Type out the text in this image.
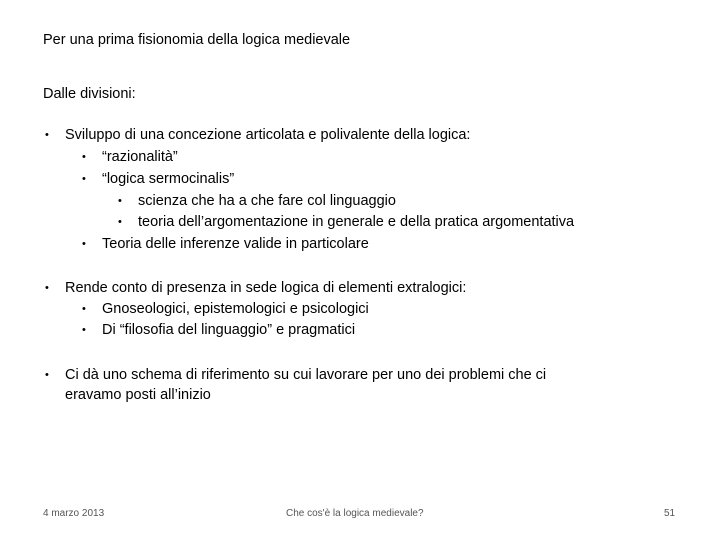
Per una prima fisionomia della logica medievale
Dalle divisioni:
• Sviluppo di una concezione articolata e polivalente della logica:
• “razionalità”
• “logica sermocinalis”
• scienza che ha a che fare col linguaggio
• teoria dell’argomentazione in generale e della pratica argomentativa
• Teoria delle inferenze valide in particolare
• Rende conto di presenza in sede logica di elementi extralogici:
• Gnoseologici, epistemologici e psicologici
• Di “filosofia del linguaggio” e pragmatici
• Ci dà uno schema di riferimento su cui lavorare per uno dei problemi che ci
eravamo posti all’inizio
4 marzo 2013	Che cos'è la logica medievale?	51
